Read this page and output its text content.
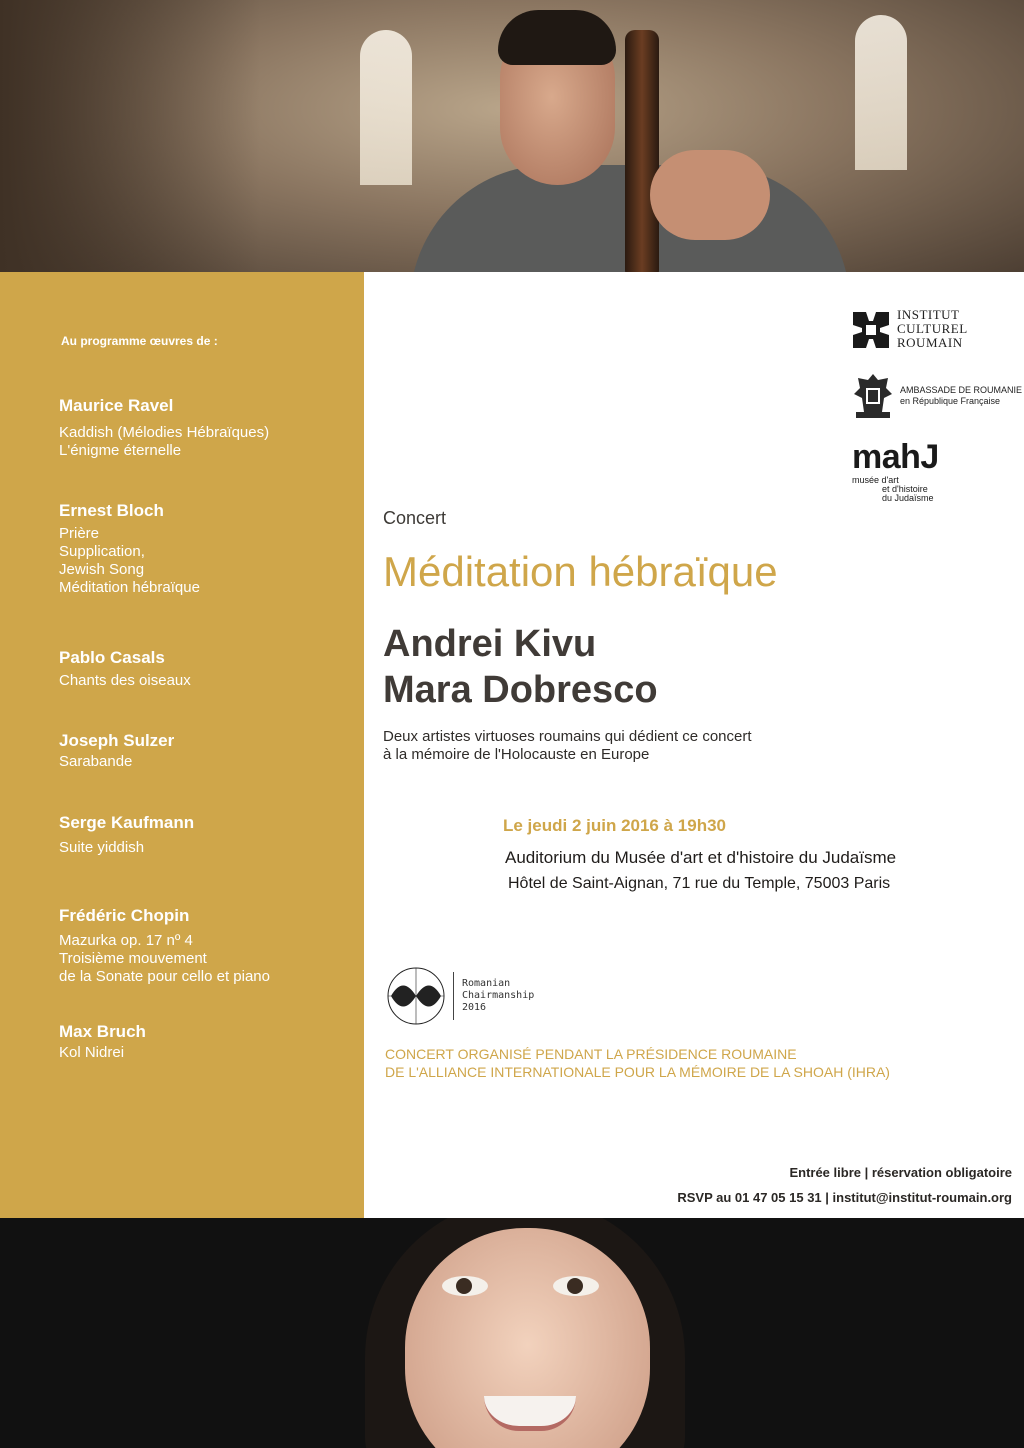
Au programme œuvres de :
Maurice Ravel
Kaddish (Mélodies Hébraïques)
L'énigme éternelle
Ernest Bloch
Prière
Supplication,
Jewish Song
Méditation hébraïque
Pablo Casals
Chants des oiseaux
Joseph Sulzer
Sarabande
Serge Kaufmann
Suite yiddish
Frédéric Chopin
Mazurka op. 17 nº 4
Troisième mouvement
de la Sonate pour cello et piano
Max Bruch
Kol Nidrei
INSTITUT
CULTUREL
ROUMAIN
AMBASSADE DE ROUMANIE
en République Française
mahJ
musée d'art
et d'histoire
du Judaïsme
Concert
Méditation hébraïque
Andrei Kivu
Mara Dobresco
Deux artistes virtuoses roumains qui dédient ce concert
à la mémoire de l'Holocauste en Europe
Le jeudi 2 juin 2016 à 19h30
Auditorium du Musée d'art et d'histoire du Judaïsme
Hôtel de Saint-Aignan, 71 rue du Temple, 75003 Paris
Romanian
Chairmanship
2016
CONCERT ORGANISÉ PENDANT LA PRÉSIDENCE ROUMAINE
DE L'ALLIANCE INTERNATIONALE POUR LA MÉMOIRE DE LA SHOAH (IHRA)
Entrée libre | réservation obligatoire
RSVP au 01 47 05 15 31 | institut@institut-roumain.org
